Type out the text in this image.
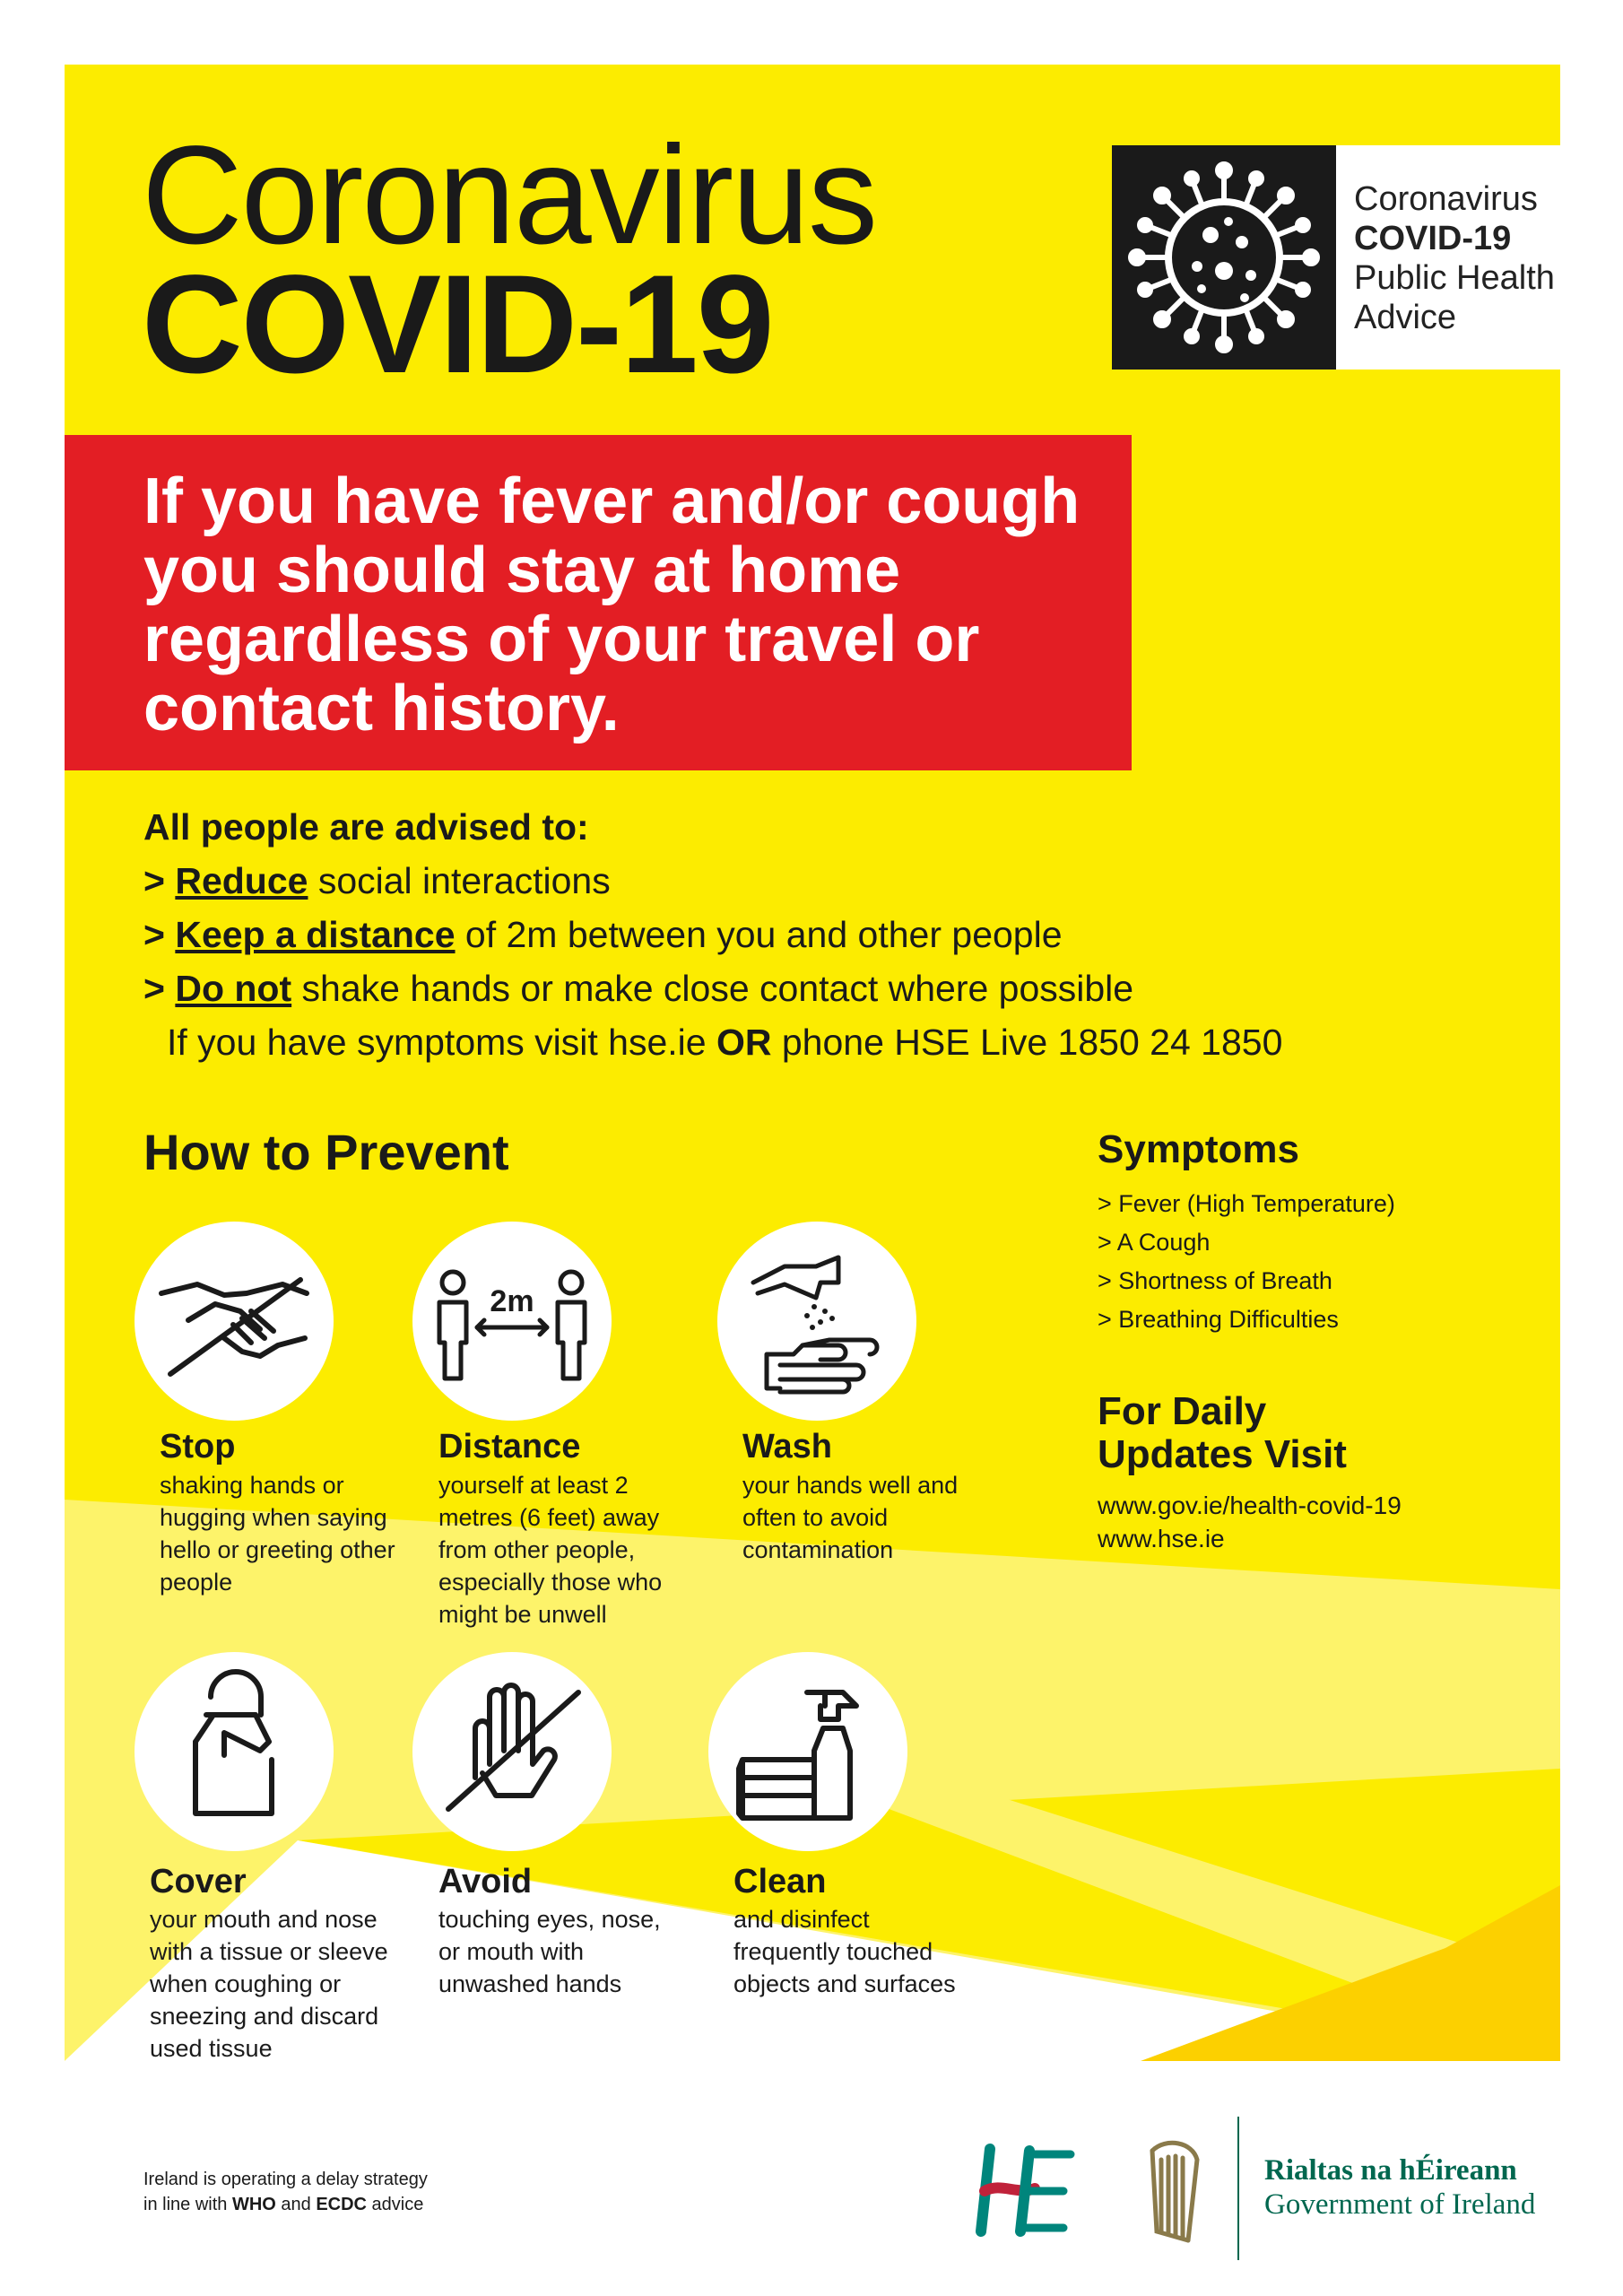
Coronavirus
COVID-19
Coronavirus
COVID-19
Public Health
Advice
If you have fever and/or cough
you should stay at home
regardless of your travel or
contact history.
All people are advised to:
> Reduce social interactions
> Keep a distance of 2m between you and other people
> Do not shake hands or make close contact where possible
If you have symptoms visit hse.ie OR phone HSE Live 1850 24 1850
How to Prevent
2m
Stop
shaking hands or hugging when saying hello or greeting other people
Distance
yourself at least 2 metres (6 feet) away from other people, especially those who might be unwell
Wash
your hands well and often to avoid contamination
Cover
your mouth and nose with a tissue or sleeve when coughing or sneezing and discard used tissue
Avoid
touching eyes, nose, or mouth with unwashed hands
Clean
and disinfect frequently touched objects and surfaces
Symptoms
> Fever (High Temperature)
> A Cough
> Shortness of Breath
> Breathing Difficulties
For Daily
Updates Visit
www.gov.ie/health-covid-19
www.hse.ie
Ireland is operating a delay strategy
in line with WHO and ECDC advice
Rialtas na hÉireann
Government of Ireland
